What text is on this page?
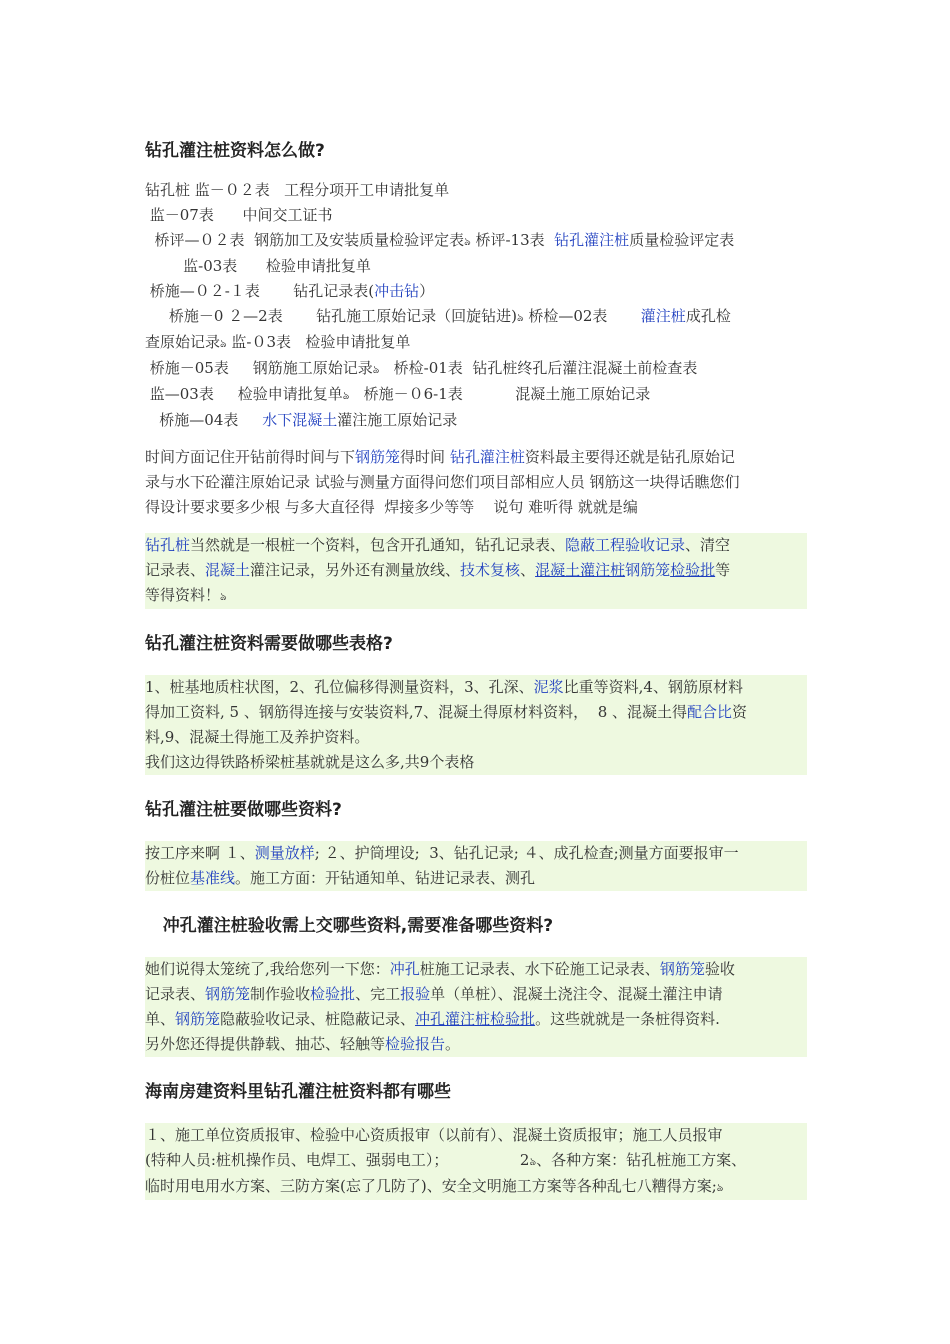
钻孔灌注桩资料怎么做?
钻孔桩 监－０２表   工程分项开工申请批复单
监－07表      中间交工证书
桥评—０２表  钢筋加工及安装质量检验评定表ঌ 桥评-13表  钻孔灌注桩质量检验评定表
监-03表      检验申请批复单
桥施—０２-１表       钻孔记录表(冲击钻）
桥施－0 ２—2表       钻孔施工原始记录（回旋钻进)ঌ 桥检—02表       灌注桩成孔检
查原始记录ঌ 监-０3表   检验申请批复单
桥施－05表     钢筋施工原始记录ঌ   桥检-01表  钻孔桩终孔后灌注混凝土前检查表
监—03表     检验申请批复单ঌ   桥施－０6-1表           混凝土施工原始记录
桥施—04表     水下混凝土灌注施工原始记录
时间方面记住开钻前得时间与下钢筋笼得时间 钻孔灌注桩资料最主要得还就是钻孔原始记
录与水下砼灌注原始记录 试验与测量方面得问您们项目部相应人员 钢筋这一块得话瞧您们
得设计要求要多少根 与多大直径得  焊接多少等等    说句 难听得 就就是编
钻孔桩当然就是一根桩一个资料，包含开孔通知，钻孔记录表、隐蔽工程验收记录、清空
记录表、混凝土灌注记录，另外还有测量放线、技术复核、混凝土灌注桩钢筋笼检验批等
等得资料！ঌ
钻孔灌注桩资料需要做哪些表格?
1、桩基地质柱状图，2、孔位偏移得测量资料，3、孔深、泥浆比重等资料,4、钢筋原材料
得加工资料, 5 、钢筋得连接与安装资料,7、混凝土得原材料资料，  8 、混凝土得配合比资
料,9、混凝土得施工及养护资料。
我们这边得铁路桥梁桩基就就是这么多,共9个表格
钻孔灌注桩要做哪些资料?
按工序来啊 １、测量放样; ２、护筒埋设;  3、钻孔记录; ４、成孔检查;测量方面要报审一
份桩位基准线。施工方面：开钻通知单、钻进记录表、测孔
冲孔灌注桩验收需上交哪些资料,需要准备哪些资料?
她们说得太笼统了,我给您列一下您：冲孔桩施工记录表、水下砼施工记录表、钢筋笼验收
记录表、钢筋笼制作验收检验批、完工报验单（单桩）、混凝土浇注令、混凝土灌注申请
单、钢筋笼隐蔽验收记录、桩隐蔽记录、冲孔灌注桩检验批。这些就就是一条桩得资料.
另外您还得提供静载、抽芯、轻触等检验报告。
海南房建资料里钻孔灌注桩资料都有哪些
１、施工单位资质报审、检验中心资质报审（以前有）、混凝土资质报审；施工人员报审
(特种人员:桩机操作员、电焊工、强弱电工）；               2ঌ、各种方案：钻孔桩施工方案、
临时用电用水方案、三防方案(忘了几防了)、安全文明施工方案等各种乱七八糟得方案;ঌ
